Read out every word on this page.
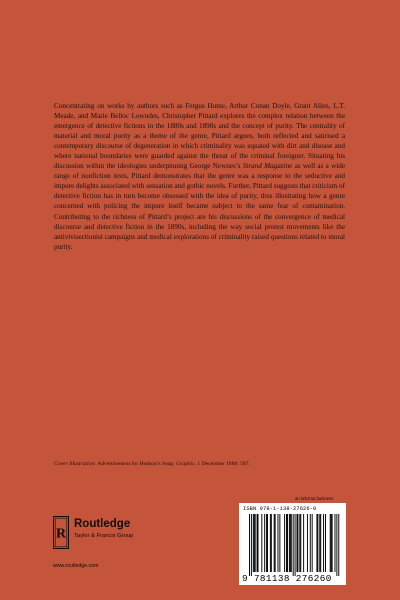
Concentrating on works by authors such as Fergus Hume, Arthur Conan Doyle, Grant Allen, L.T. Meade, and Marie Belloc Lowndes, Christopher Pittard explores the complex relation between the emergence of detective fictions in the 1880s and 1890s and the concept of purity. The centrality of material and moral purity as a theme of the genre, Pittard argues, both reflected and satirised a contemporary discourse of degeneration in which criminality was equated with dirt and disease and where national boundaries were guarded against the threat of the criminal foreigner. Situating his discussion within the ideologies underpinning George Newnes’s Strand Magazine as well as a wide range of nonfiction texts, Pittard demonstrates that the genre was a response to the seductive and impure delights associated with sensation and gothic novels. Further, Pittard suggests that criticism of detective fiction has in turn become obsessed with the idea of purity, thus illustrating how a genre concerned with policing the impure itself became subject to the same fear of contamination. Contributing to the richness of Pittard’s project are his discussions of the convergence of medical discourse and detective fiction in the 1890s, including the way social protest movements like the antivivisectionist campaigns and medical explorations of criminality raised questions related to moral purity.

Cover Illustration: Advertisement for Hudson’s Soap, Graphic, 1 December 1888: 587.

R
Routledge
Taylor & Francis Group
www.routledge.com
an informa business
ISBN 978-1-138-27626-0
9 781138 276260
